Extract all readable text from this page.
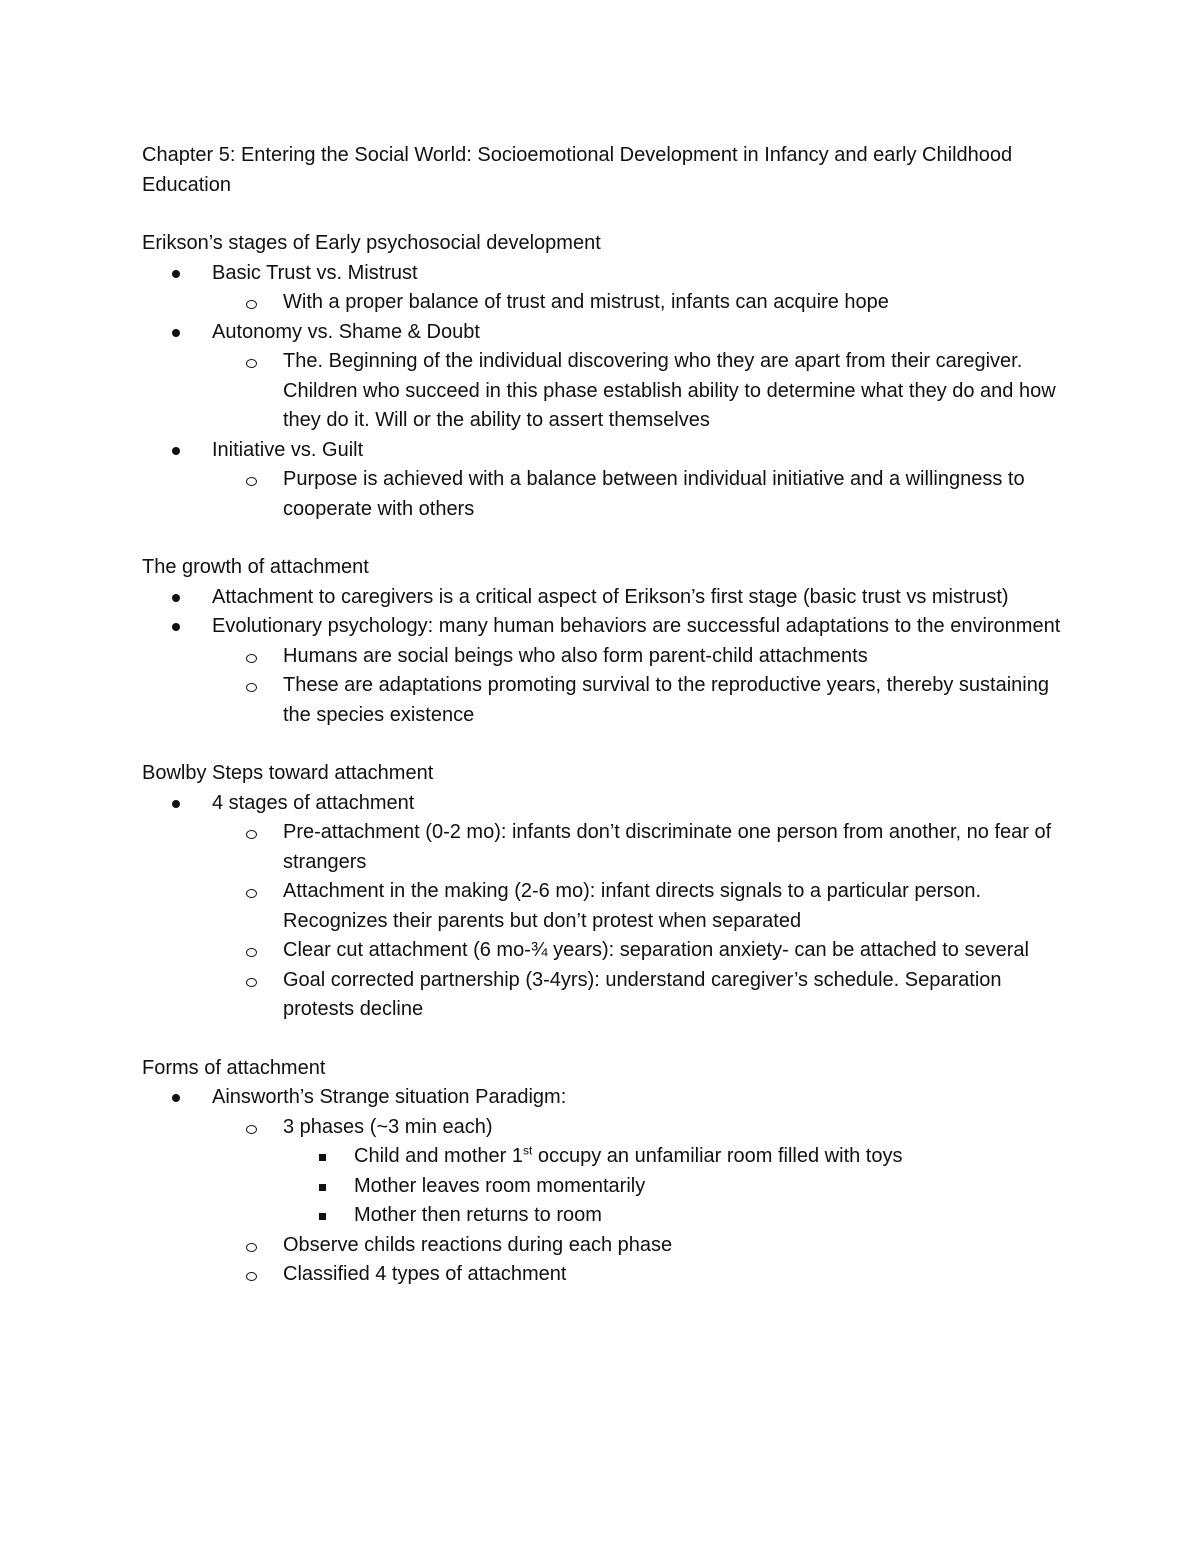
Chapter 5: Entering the Social World: Socioemotional Development in Infancy and early Childhood Education

Erikson’s stages of Early psychosocial development

Basic Trust vs. Mistrust
With a proper balance of trust and mistrust, infants can acquire hope
Autonomy vs. Shame & Doubt
The. Beginning of the individual discovering who they are apart from their caregiver. Children who succeed in this phase establish ability to determine what they do and how they do it. Will or the ability to assert themselves
Initiative vs. Guilt
Purpose is achieved with a balance between individual initiative and a willingness to cooperate with others

The growth of attachment

Attachment to caregivers is a critical aspect of Erikson’s first stage (basic trust vs mistrust)
Evolutionary psychology: many human behaviors are successful adaptations to the environment
Humans are social beings who also form parent-child attachments
These are adaptations promoting survival to the reproductive years, thereby sustaining the species existence

Bowlby Steps toward attachment

4 stages of attachment
Pre-attachment (0-2 mo): infants don’t discriminate one person from another, no fear of strangers
Attachment in the making (2-6 mo): infant directs signals to a particular person. Recognizes their parents but don’t protest when separated
Clear cut attachment (6 mo-¾ years): separation anxiety- can be attached to several
Goal corrected partnership (3-4yrs): understand caregiver’s schedule. Separation protests decline

Forms of attachment

Ainsworth’s Strange situation Paradigm:
3 phases (~3 min each)
Child and mother 1st occupy an unfamiliar room filled with toys
Mother leaves room momentarily
Mother then returns to room
Observe childs reactions during each phase
Classified 4 types of attachment
